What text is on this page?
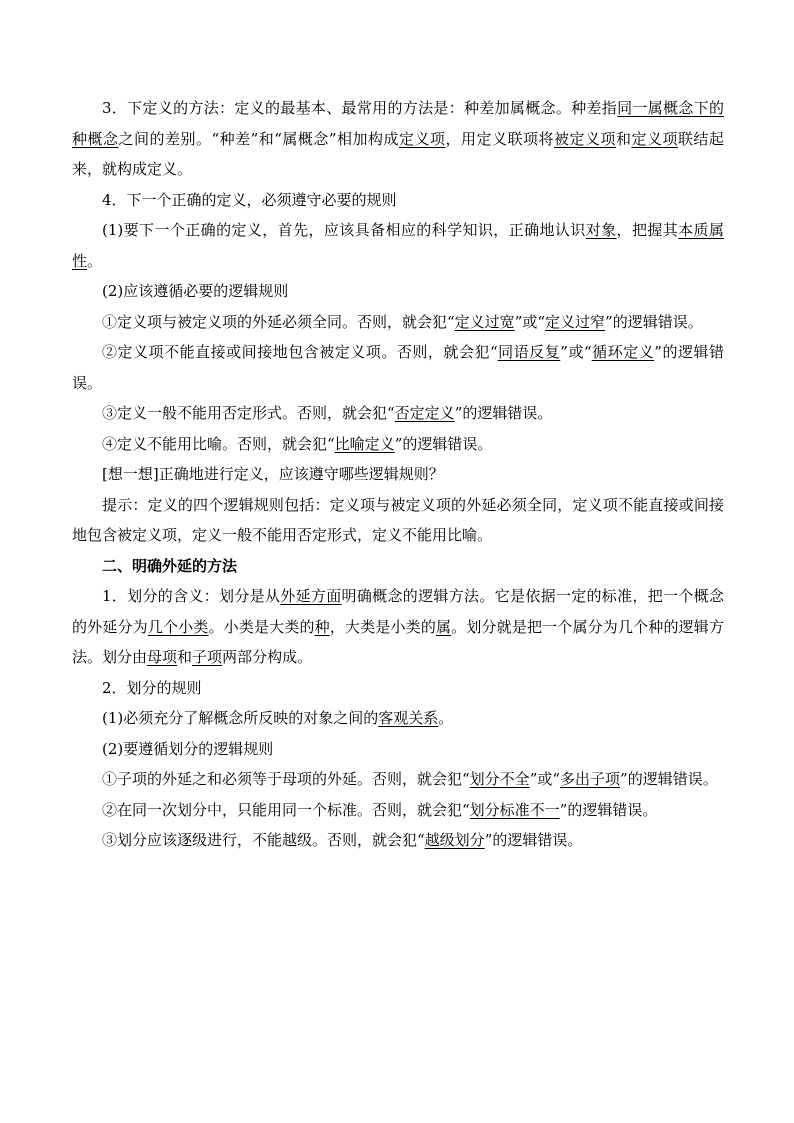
3．下定义的方法：定义的最基本、最常用的方法是：种差加属概念。种差指同一属概念下的种概念之间的差别。“种差”和“属概念”相加构成定义项，用定义联项将被定义项和定义项联结起来，就构成定义。

4．下一个正确的定义，必须遵守必要的规则

(1)要下一个正确的定义，首先，应该具备相应的科学知识，正确地认识对象，把握其本质属性。

(2)应该遵循必要的逻辑规则

①定义项与被定义项的外延必须全同。否则，就会犯“定义过宽”或“定义过窄”的逻辑错误。

②定义项不能直接或间接地包含被定义项。否则，就会犯“同语反复”或“循环定义”的逻辑错误。

③定义一般不能用否定形式。否则，就会犯“否定定义”的逻辑错误。

④定义不能用比喻。否则，就会犯“比喻定义”的逻辑错误。

[想一想]正确地进行定义，应该遵守哪些逻辑规则？

提示：定义的四个逻辑规则包括：定义项与被定义项的外延必须全同，定义项不能直接或间接地包含被定义项，定义一般不能用否定形式，定义不能用比喻。

二、明确外延的方法

1．划分的含义：划分是从外延方面明确概念的逻辑方法。它是依据一定的标准，把一个概念的外延分为几个小类。小类是大类的种，大类是小类的属。划分就是把一个属分为几个种的逻辑方法。划分由母项和子项两部分构成。

2．划分的规则

(1)必须充分了解概念所反映的对象之间的客观关系。

(2)要遵循划分的逻辑规则

①子项的外延之和必须等于母项的外延。否则，就会犯“划分不全”或“多出子项”的逻辑错误。

②在同一次划分中，只能用同一个标准。否则，就会犯“划分标准不一”的逻辑错误。

③划分应该逐级进行，不能越级。否则，就会犯“越级划分”的逻辑错误。
